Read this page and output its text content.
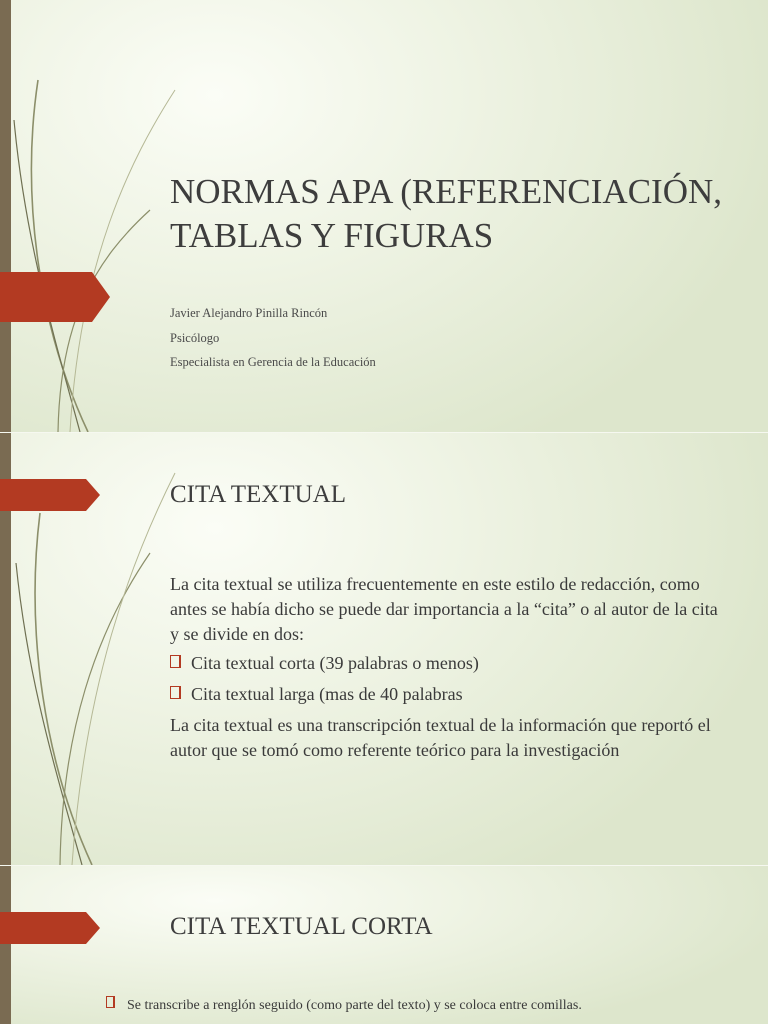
NORMAS APA (REFERENCIACIÓN, TABLAS Y FIGURAS

Javier Alejandro Pinilla Rincón

Psicólogo

Especialista en Gerencia de la Educación

CITA TEXTUAL

La cita textual se utiliza frecuentemente en este estilo de redacción, como antes se había dicho se puede dar importancia a la “cita” o al autor de la cita y se divide en dos:

Cita textual corta (39 palabras o menos)
Cita textual larga (mas de 40 palabras

La cita textual es una transcripción textual de la información que reportó el autor que se tomó como referente teórico para la investigación

CITA TEXTUAL CORTA
Se transcribe a renglón seguido (como parte del texto) y se coloca entre comillas.
